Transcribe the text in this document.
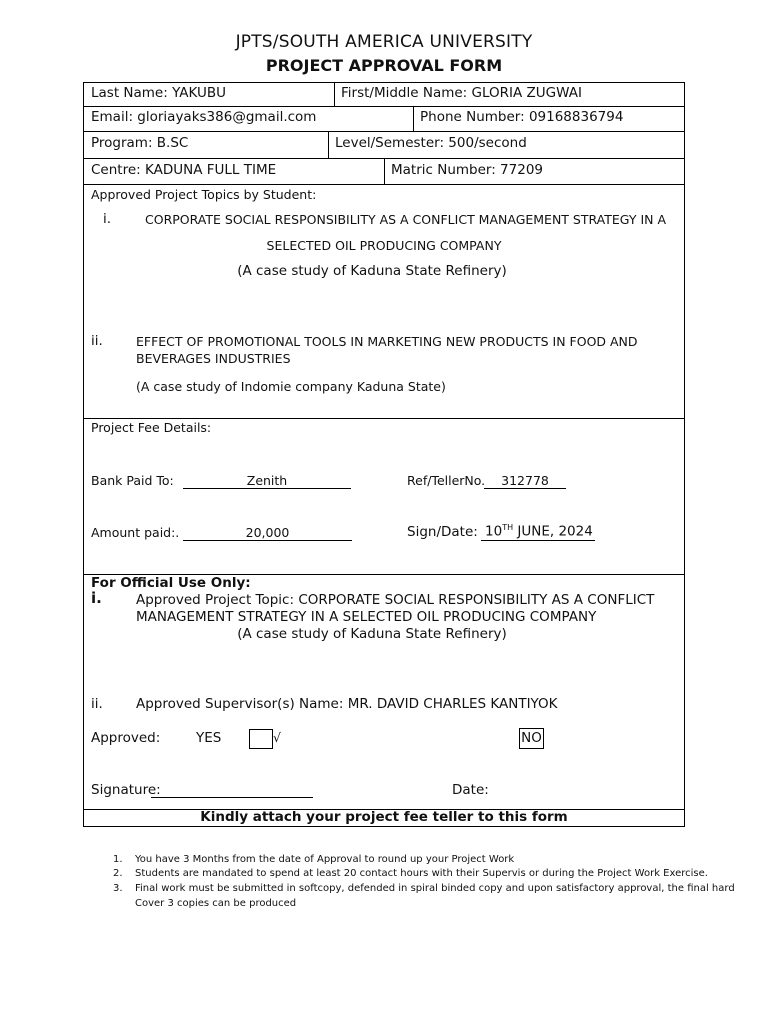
JPTS/SOUTH AMERICA UNIVERSITY
PROJECT APPROVAL FORM
Last Name: YAKUBU	First/Middle Name: GLORIA ZUGWAI
Email: gloriayaks386@gmail.com	Phone Number: 09168836794
Program: B.SC	Level/Semester: 500/second
Centre: KADUNA FULL TIME	Matric Number: 77209
Approved Project Topics by Student:
i.	CORPORATE SOCIAL RESPONSIBILITY AS A CONFLICT MANAGEMENT STRATEGY IN A
SELECTED OIL PRODUCING COMPANY
(A case study of Kaduna State Refinery)
ii.	EFFECT OF PROMOTIONAL TOOLS IN MARKETING NEW PRODUCTS IN FOOD AND
BEVERAGES INDUSTRIES
(A case study of Indomie company Kaduna State)
Project Fee Details:
Bank Paid To:	Zenith	Ref/TellerNo.	312778
Amount paid:.	20,000	Sign/Date: 10TH JUNE, 2024
For Official Use Only:
i.	Approved Project Topic: CORPORATE SOCIAL RESPONSIBILITY AS A CONFLICT
MANAGEMENT STRATEGY IN A SELECTED OIL PRODUCING COMPANY
(A case study of Kaduna State Refinery)
ii. Approved Supervisor(s) Name: MR. DAVID CHARLES KANTIYOK
Approved:	YES	√	NO
Signature:	Date:
Kindly attach your project fee teller to this form
1. You have 3 Months from the date of Approval to round up your Project Work
2. Students are mandated to spend at least 20 contact hours with their Supervis or during the Project Work Exercise.
3. Final work must be submitted in softcopy, defended in spiral binded copy and upon satisfactory approval, the final hard
Cover 3 copies can be produced
